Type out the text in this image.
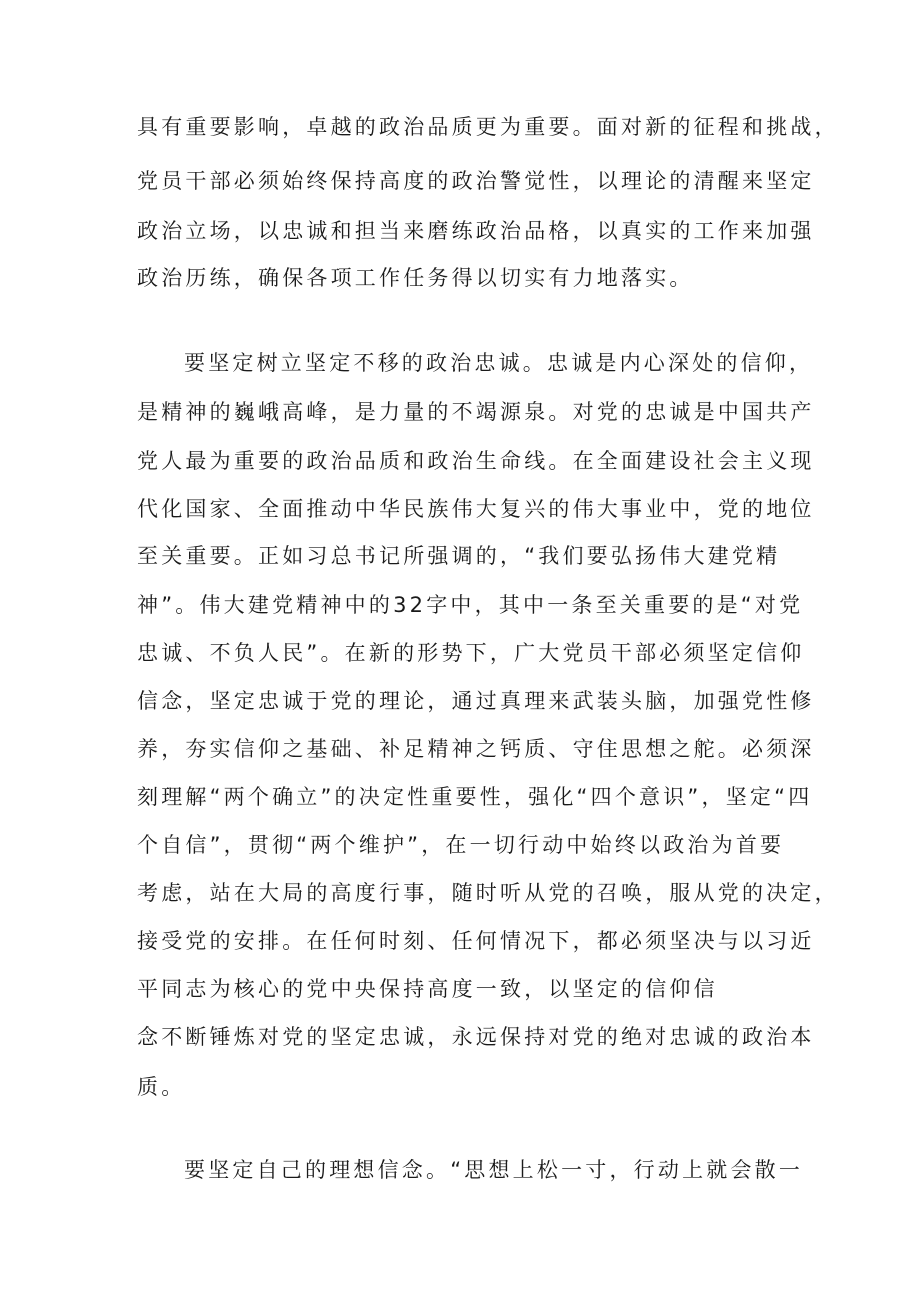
具有重要影响，卓越的政治品质更为重要。面对新的征程和挑战，
党员干部必须始终保持高度的政治警觉性，以理论的清醒来坚定
政治立场，以忠诚和担当来磨练政治品格，以真实的工作来加强
政治历练，确保各项工作任务得以切实有力地落实。
要坚定树立坚定不移的政治忠诚。忠诚是内心深处的信仰，
是精神的巍峨高峰，是力量的不竭源泉。对党的忠诚是中国共产
党人最为重要的政治品质和政治生命线。在全面建设社会主义现
代化国家、全面推动中华民族伟大复兴的伟大事业中，党的地位
至关重要。正如习总书记所强调的，“我们要弘扬伟大建党精
神”。伟大建党精神中的32字中，其中一条至关重要的是“对党
忠诚、不负人民”。在新的形势下，广大党员干部必须坚定信仰
信念，坚定忠诚于党的理论，通过真理来武装头脑，加强党性修
养，夯实信仰之基础、补足精神之钙质、守住思想之舵。必须深
刻理解“两个确立”的决定性重要性，强化“四个意识”，坚定“四
个自信”，贯彻“两个维护”，在一切行动中始终以政治为首要
考虑，站在大局的高度行事，随时听从党的召唤，服从党的决定，
接受党的安排。在任何时刻、任何情况下，都必须坚决与以习近
平同志为核心的党中央保持高度一致，以坚定的信仰信
念不断锤炼对党的坚定忠诚，永远保持对党的绝对忠诚的政治本
质。
要坚定自己的理想信念。“思想上松一寸，行动上就会散一
